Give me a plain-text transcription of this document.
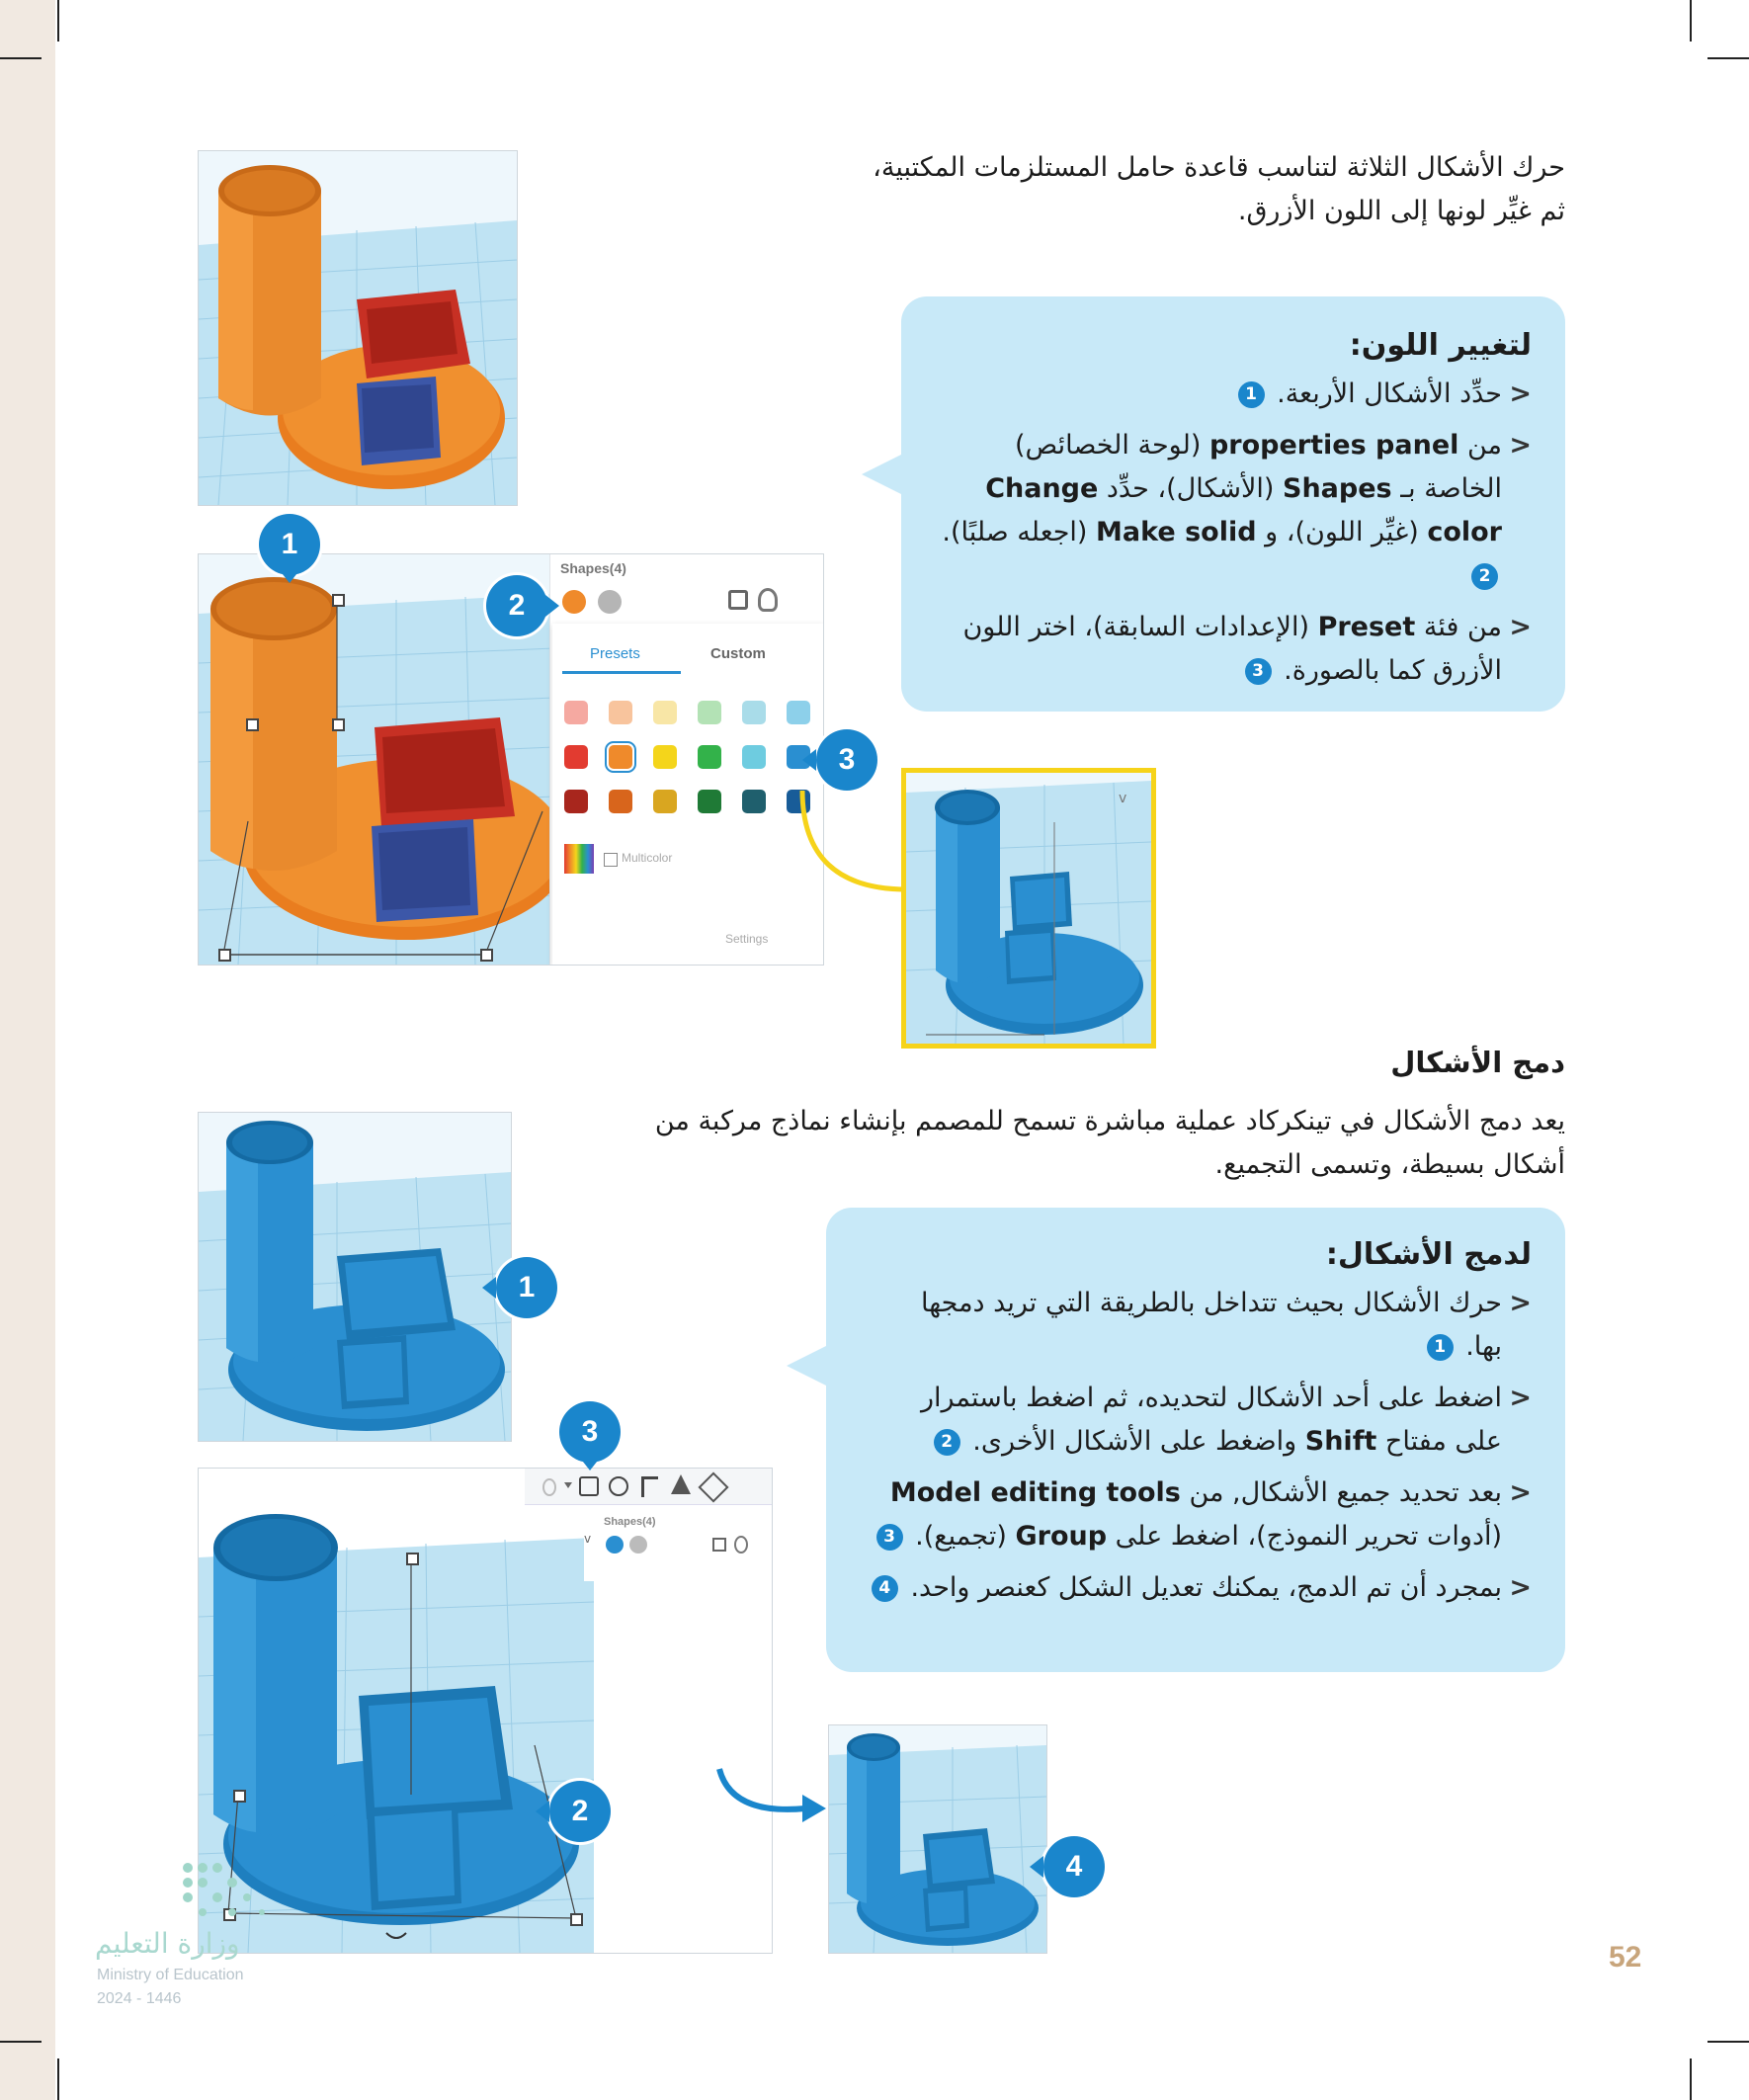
حرك الأشكال الثلاثة لتناسب قاعدة حامل المستلزمات المكتبية،
ثم غيِّر لونها إلى اللون الأزرق.
Shapes(4)
Presets	Custom
Multicolor
Settings
1
2
3
v
لتغيير اللون:
< حدِّد الأشكال الأربعة. 1
< من properties panel (لوحة الخصائص) الخاصة بـ Shapes (الأشكال)، حدِّد Change color (غيِّر اللون)، و Make solid (اجعله صلبًا). 2
< من فئة Preset (الإعدادات السابقة)، اختر اللون الأزرق كما بالصورة. 3
دمج الأشكال
يعد دمج الأشكال في تينكركاد عملية مباشرة تسمح للمصمم بإنشاء نماذج مركبة من
أشكال بسيطة، وتسمى التجميع.
لدمج الأشكال:
< حرك الأشكال بحيث تتداخل بالطريقة التي تريد دمجها
بها. 1
< اضغط على أحد الأشكال لتحديده، ثم اضغط باستمرار
على مفتاح Shift واضغط على الأشكال الأخرى. 2
< بعد تحديد جميع الأشكال, من Model editing tools
(أدوات تحرير النموذج)، اضغط على Group (تجميع). 3
< بمجرد أن تم الدمج، يمكنك تعديل الشكل كعنصر واحد. 4
1
v
Shapes(4)
3
2
4
وزارة التعليم
Ministry of Education
2024 - 1446
52
